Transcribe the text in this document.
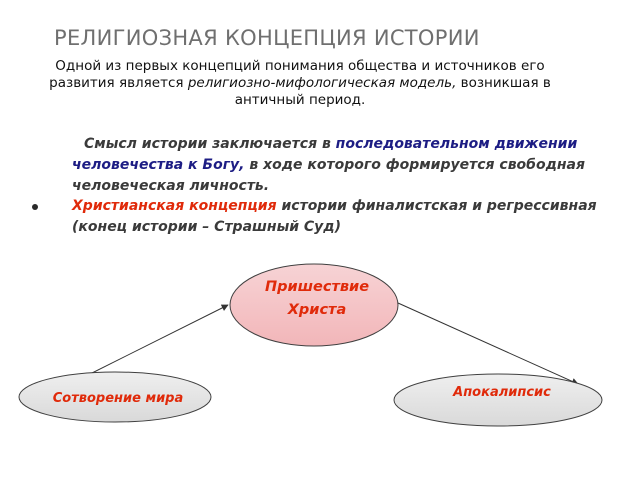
РЕЛИГИОЗНАЯ КОНЦЕПЦИЯ ИСТОРИИ
Одной из первых концепций понимания общества и источников его развития является религиозно-мифологическая модель, возникшая в античный период.
Смысл истории заключается в последовательном движении человечества к Богу, в ходе которого формируется свободная человеческая личность.
Христианская концепция истории финалистская и регрессивная (конец истории – Страшный Суд)
Пришествие
Христа
Сотворение мира	Апокалипсис
